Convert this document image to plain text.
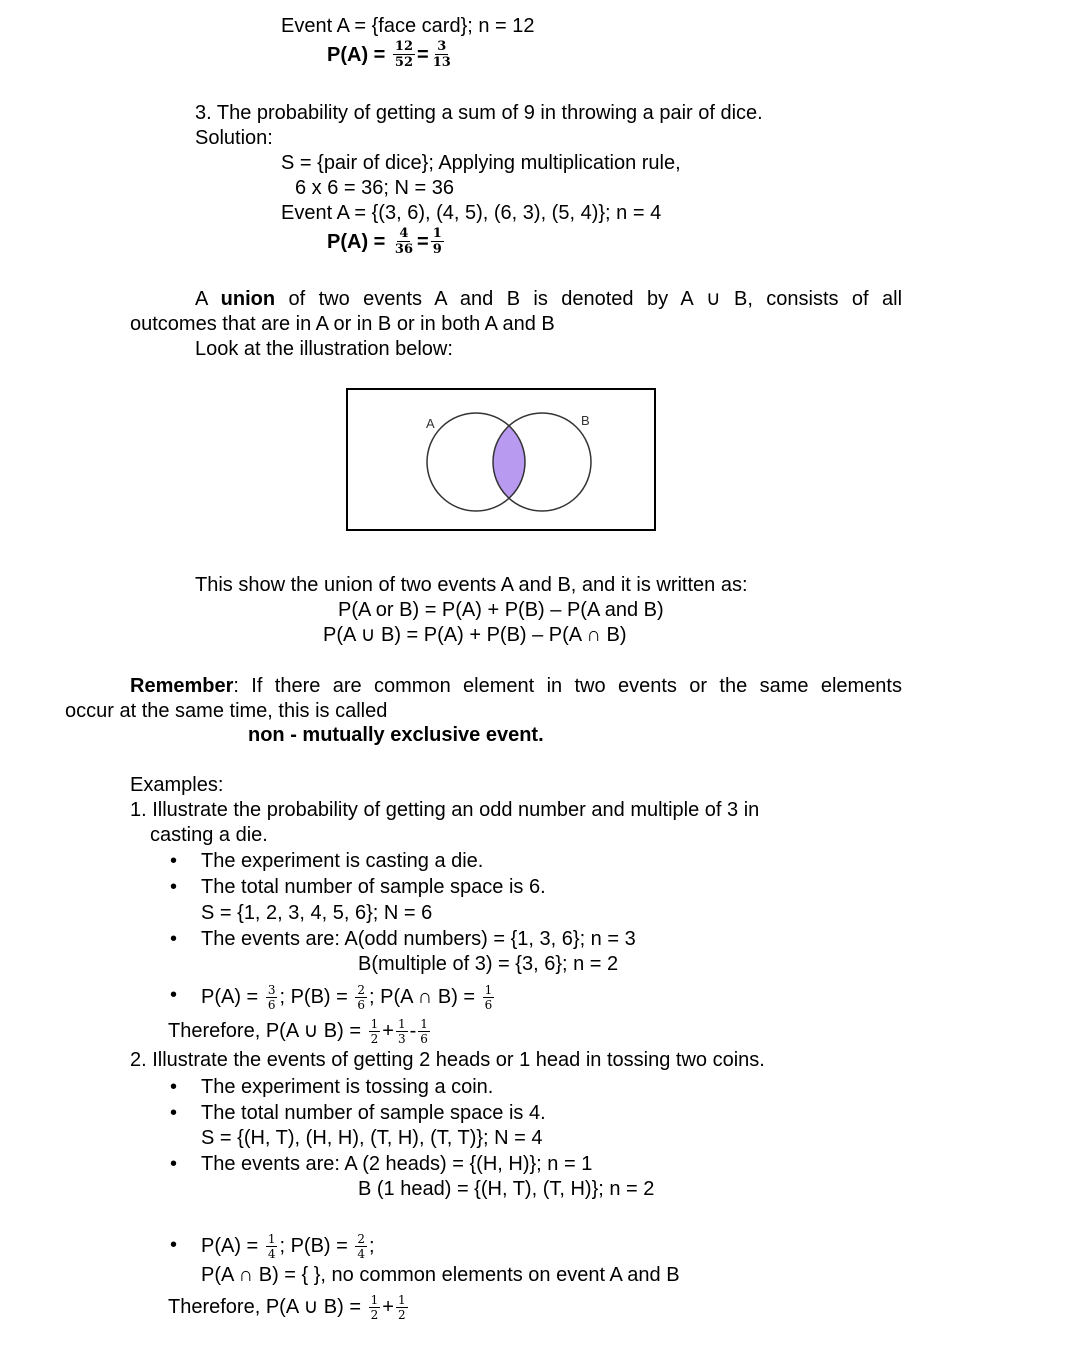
Event A = {face card}; n = 12
P(A) =
$\frac{12}{52} = \frac{3}{13}$
3. The probability of getting a sum of 9 in throwing a pair of dice.
Solution:
S = {pair of dice}; Applying multiplication rule,
6 x 6 = 36; N = 36
Event A = {(3, 6), (4, 5), (6, 3), (5, 4)}; n = 4
P(A) =
$\frac{4}{36} = \frac{1}{9}$
A union of two events A and B is denoted by A ∪ B, consists of all
outcomes that are in A or in B or in both A and B
Look at the illustration below:
A	B
This show the union of two events A and B, and it is written as:
P(A or B) = P(A) + P(B) – P(A and B)
P(A ∪ B) = P(A) + P(B) – P(A ∩ B)
Remember: If there are common element in two events or the same elements
occur at the same time, this is called
non - mutually exclusive event.
Examples:
1. Illustrate the probability of getting an odd number and multiple of 3 in
casting a die.
• The experiment is casting a die.
• The total number of sample space is 6.
S = {1, 2, 3, 4, 5, 6}; N = 6
• The events are: A(odd numbers) = {1, 3, 6}; n = 3
B(multiple of 3) = {3, 6}; n = 2
• P(A) =
$\frac{3}{6}$ ; P(B) =
$\frac{2}{6}$ ; P(A ∩ B) =
$\frac{1}{6}$
Therefore, P(A ∪ B) =
$\frac{1}{2} + \frac{1}{3} - \frac{1}{6}$
2. Illustrate the events of getting 2 heads or 1 head in tossing two coins.
• The experiment is tossing a coin.
• The total number of sample space is 4.
S = {(H, T), (H, H), (T, H), (T, T)}; N = 4
• The events are: A (2 heads) = {(H, H)}; n = 1
B (1 head) = {(H, T), (T, H)}; n = 2
• P(A) =
$\frac{1}{4}$ ; P(B) =
$\frac{2}{4}$ ;
P(A ∩ B) = { }, no common elements on event A and B
Therefore, P(A ∪ B) =
$\frac{1}{2} + \frac{1}{2}$
